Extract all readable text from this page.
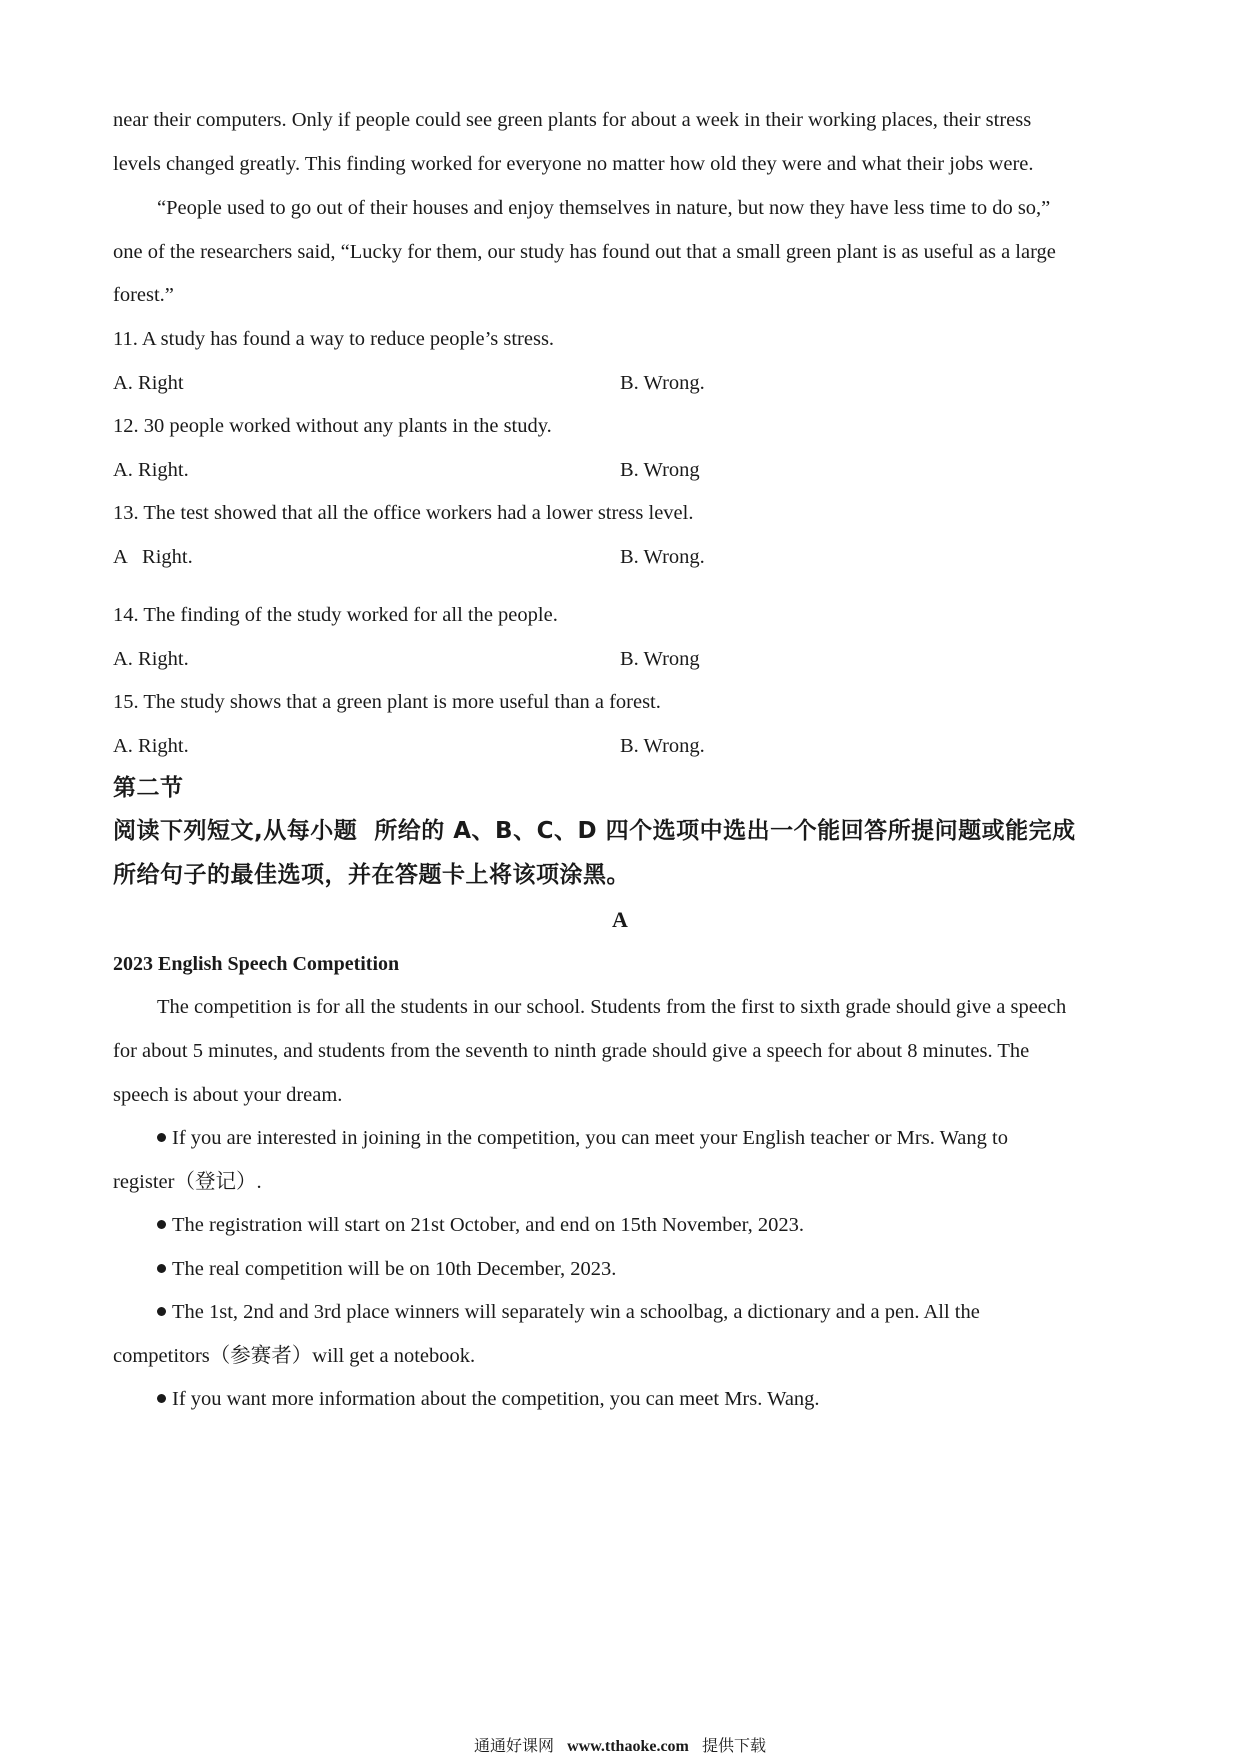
near their computers. Only if people could see green plants for about a week in their working places, their stress
levels changed greatly. This finding worked for everyone no matter how old they were and what their jobs were.
“People used to go out of their houses and enjoy themselves in nature, but now they have less time to do so,”
one of the researchers said, “Lucky for them, our study has found out that a small green plant is as useful as a large
forest.”
11. A study has found a way to reduce people’s stress.
A. Right	B. Wrong.
12. 30 people worked without any plants in the study.
A. Right.	B. Wrong
13. The test showed that all the office workers had a lower stress level.
A   Right.	B. Wrong.
14. The finding of the study worked for all the people.
A. Right.	B. Wrong
15. The study shows that a green plant is more useful than a forest.
A. Right.	B. Wrong.
第二节
阅读下列短文,从每小题  所给的 A、B、C、D 四个选项中选出一个能回答所提问题或能完成
所给句子的最佳选项，并在答题卡上将该项涂黑。
A
2023 English Speech Competition
The competition is for all the students in our school. Students from the first to sixth grade should give a speech
for about 5 minutes, and students from the seventh to ninth grade should give a speech for about 8 minutes. The
speech is about your dream.
If you are interested in joining in the competition, you can meet your English teacher or Mrs. Wang to
register（登记）.
The registration will start on 21st October, and end on 15th November, 2023.
The real competition will be on 10th December, 2023.
The 1st, 2nd and 3rd place winners will separately win a schoolbag, a dictionary and a pen. All the
competitors（参赛者）will get a notebook.
If you want more information about the competition, you can meet Mrs. Wang.
通通好课网 www.tthaoke.com 提供下载
